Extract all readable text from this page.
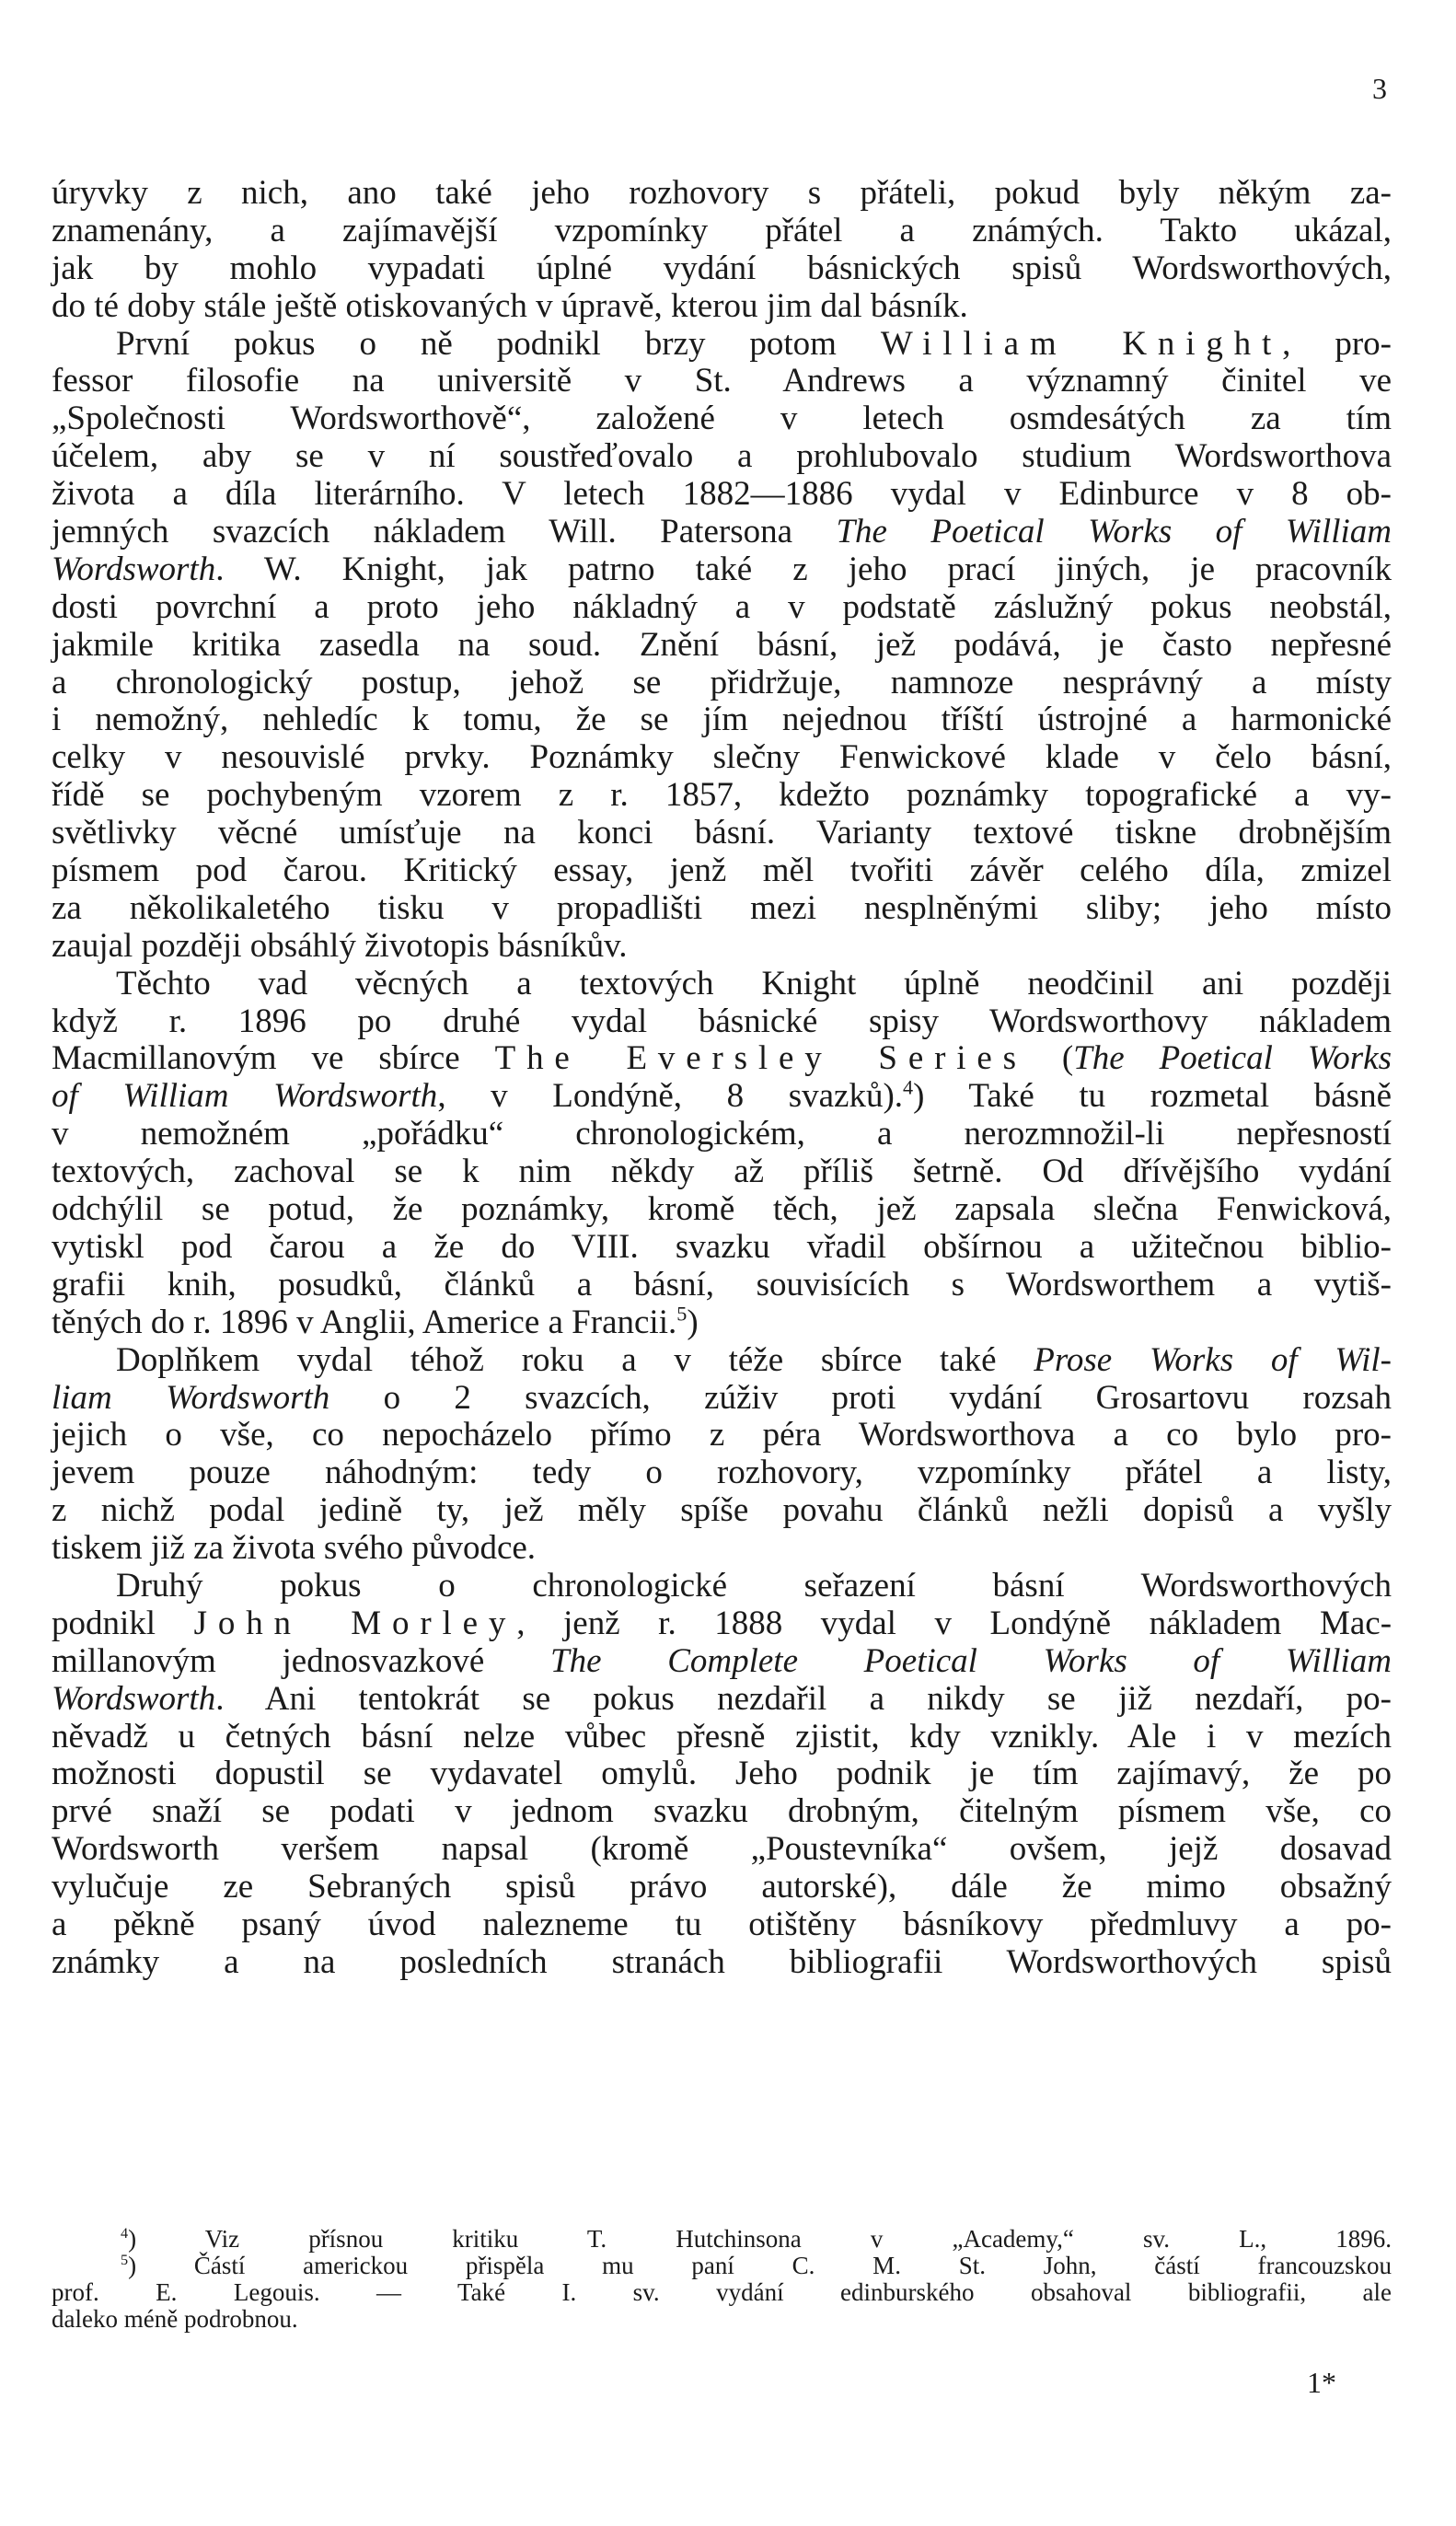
3
úryvky z nich, ano také jeho rozhovory s přáteli, pokud byly někým za-
znamenány, a zajímavější vzpomínky přátel a známých. Takto ukázal,
jak by mohlo vypadati úplné vydání básnických spisů Wordsworthových,
do té doby stále ještě otiskovaných v úpravě, kterou jim dal básník.
První pokus o ně podnikl brzy potom William Knight, pro-
fessor filosofie na universitě v St. Andrews a významný činitel ve
„Společnosti Wordsworthově“, založené v letech osmdesátých za tím
účelem, aby se v ní soustřeďovalo a prohlubovalo studium Wordsworthova
života a díla literárního. V letech 1882—1886 vydal v Edinburce v 8 ob-
jemných svazcích nákladem Will. Patersona The Poetical Works of William
Wordsworth. W. Knight, jak patrno také z jeho prací jiných, je pracovník
dosti povrchní a proto jeho nákladný a v podstatě záslužný pokus neobstál,
jakmile kritika zasedla na soud. Znění básní, jež podává, je často nepřesné
a chronologický postup, jehož se přidržuje, namnoze nesprávný a místy
i nemožný, nehledíc k tomu, že se jím nejednou tříští ústrojné a harmonické
celky v nesouvislé prvky. Poznámky slečny Fenwickové klade v čelo básní,
řídě se pochybeným vzorem z r. 1857, kdežto poznámky topografické a vy-
světlivky věcné umísťuje na konci básní. Varianty textové tiskne drobnějším
písmem pod čarou. Kritický essay, jenž měl tvořiti závěr celého díla, zmizel
za několikaletého tisku v propadlišti mezi nesplněnými sliby; jeho místo
zaujal později obsáhlý životopis básníkův.
Těchto vad věcných a textových Knight úplně neodčinil ani později
když r. 1896 po druhé vydal básnické spisy Wordsworthovy nákladem
Macmillanovým ve sbírce The Eversley Series (The Poetical Works
of William Wordsworth, v Londýně, 8 svazků).$^4$) Také tu rozmetal básně
v nemožném „pořádku“ chronologickém, a nerozmnožil-li nepřesností
textových, zachoval se k nim někdy až příliš šetrně. Od dřívějšího vydání
odchýlil se potud, že poznámky, kromě těch, jež zapsala slečna Fenwicková,
vytiskl pod čarou a že do VIII. svazku vřadil obšírnou a užitečnou biblio-
grafii knih, posudků, článků a básní, souvisících s Wordsworthem a vytiš-
těných do r. 1896 v Anglii, Americe a Francii.$^5$)
Doplňkem vydal téhož roku a v téže sbírce také Prose Works of Wil-
liam Wordsworth o 2 svazcích, zúživ proti vydání Grosartovu rozsah
jejich o vše, co nepocházelo přímo z péra Wordsworthova a co bylo pro-
jevem pouze náhodným: tedy o rozhovory, vzpomínky přátel a listy,
z nichž podal jedině ty, jež měly spíše povahu článků nežli dopisů a vyšly
tiskem již za života svého původce.
Druhý pokus o chronologické seřazení básní Wordsworthových
podnikl John Morley, jenž r. 1888 vydal v Londýně nákladem Mac-
millanovým jednosvazkové The Complete Poetical Works of William
Wordsworth. Ani tentokrát se pokus nezdařil a nikdy se již nezdaří, po-
něvadž u četných básní nelze vůbec přesně zjistit, kdy vznikly. Ale i v mezích
možnosti dopustil se vydavatel omylů. Jeho podnik je tím zajímavý, že po
prvé snaží se podati v jednom svazku drobným, čitelným písmem vše, co
Wordsworth veršem napsal (kromě „Poustevníka“ ovšem, jejž dosavad
vylučuje ze Sebraných spisů právo autorské), dále že mimo obsažný
a pěkně psaný úvod nalezneme tu otištěny básníkovy předmluvy a po-
známky a na posledních stranách bibliografii Wordsworthových spisů
$^4$) Viz přísnou kritiku T. Hutchinsona v „Academy,“ sv. L., 1896.
$^5$) Částí americkou přispěla mu paní C. M. St. John, částí francouzskou
prof. E. Legouis. — Také I. sv. vydání edinburského obsahoval bibliografii, ale
daleko méně podrobnou.
1*
